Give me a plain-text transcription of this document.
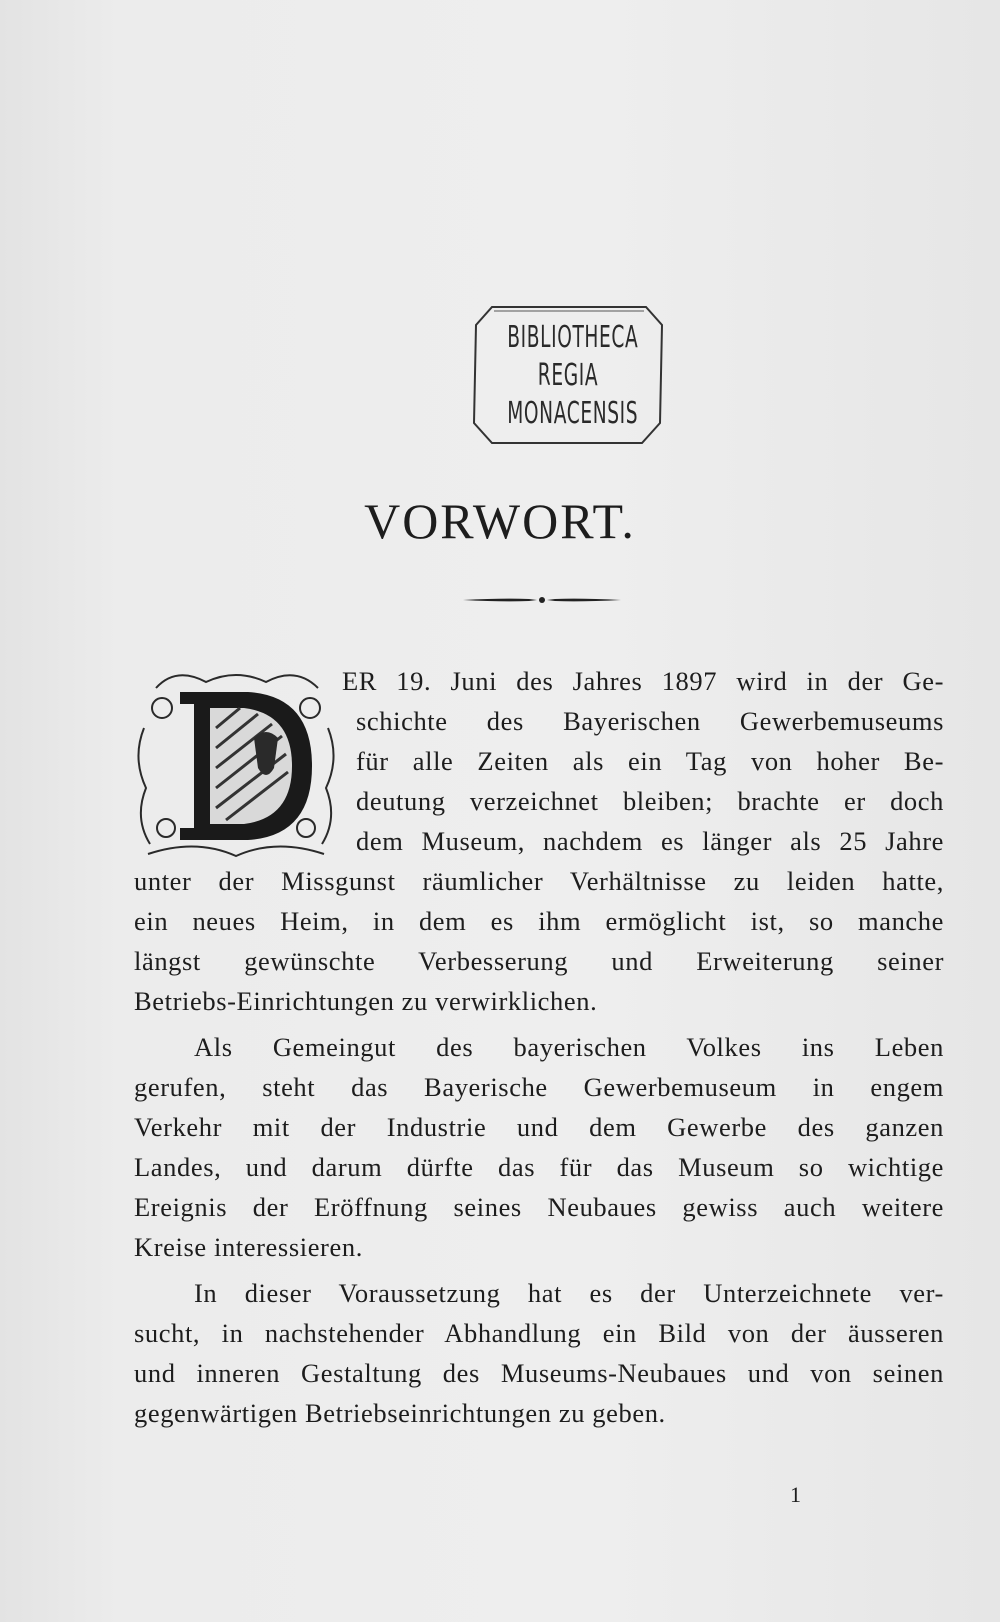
BIBLIOTHECA
REGIA
MONACENSIS
VORWORT.
ER 19. Juni des Jahres 1897 wird in der Ge-
schichte des Bayerischen Gewerbemuseums
für alle Zeiten als ein Tag von hoher Be-
deutung verzeichnet bleiben; brachte er doch
dem Museum, nachdem es länger als 25 Jahre
unter der Missgunst räumlicher Verhältnisse zu leiden hatte,
ein neues Heim, in dem es ihm ermöglicht ist, so manche
längst gewünschte Verbesserung und Erweiterung seiner
Betriebs-Einrichtungen zu verwirklichen.
Als Gemeingut des bayerischen Volkes ins Leben
gerufen, steht das Bayerische Gewerbemuseum in engem
Verkehr mit der Industrie und dem Gewerbe des ganzen
Landes, und darum dürfte das für das Museum so wichtige
Ereignis der Eröffnung seines Neubaues gewiss auch weitere
Kreise interessieren.
In dieser Voraussetzung hat es der Unterzeichnete ver-
sucht, in nachstehender Abhandlung ein Bild von der äusseren
und inneren Gestaltung des Museums-Neubaues und von seinen
gegenwärtigen Betriebseinrichtungen zu geben.
1
